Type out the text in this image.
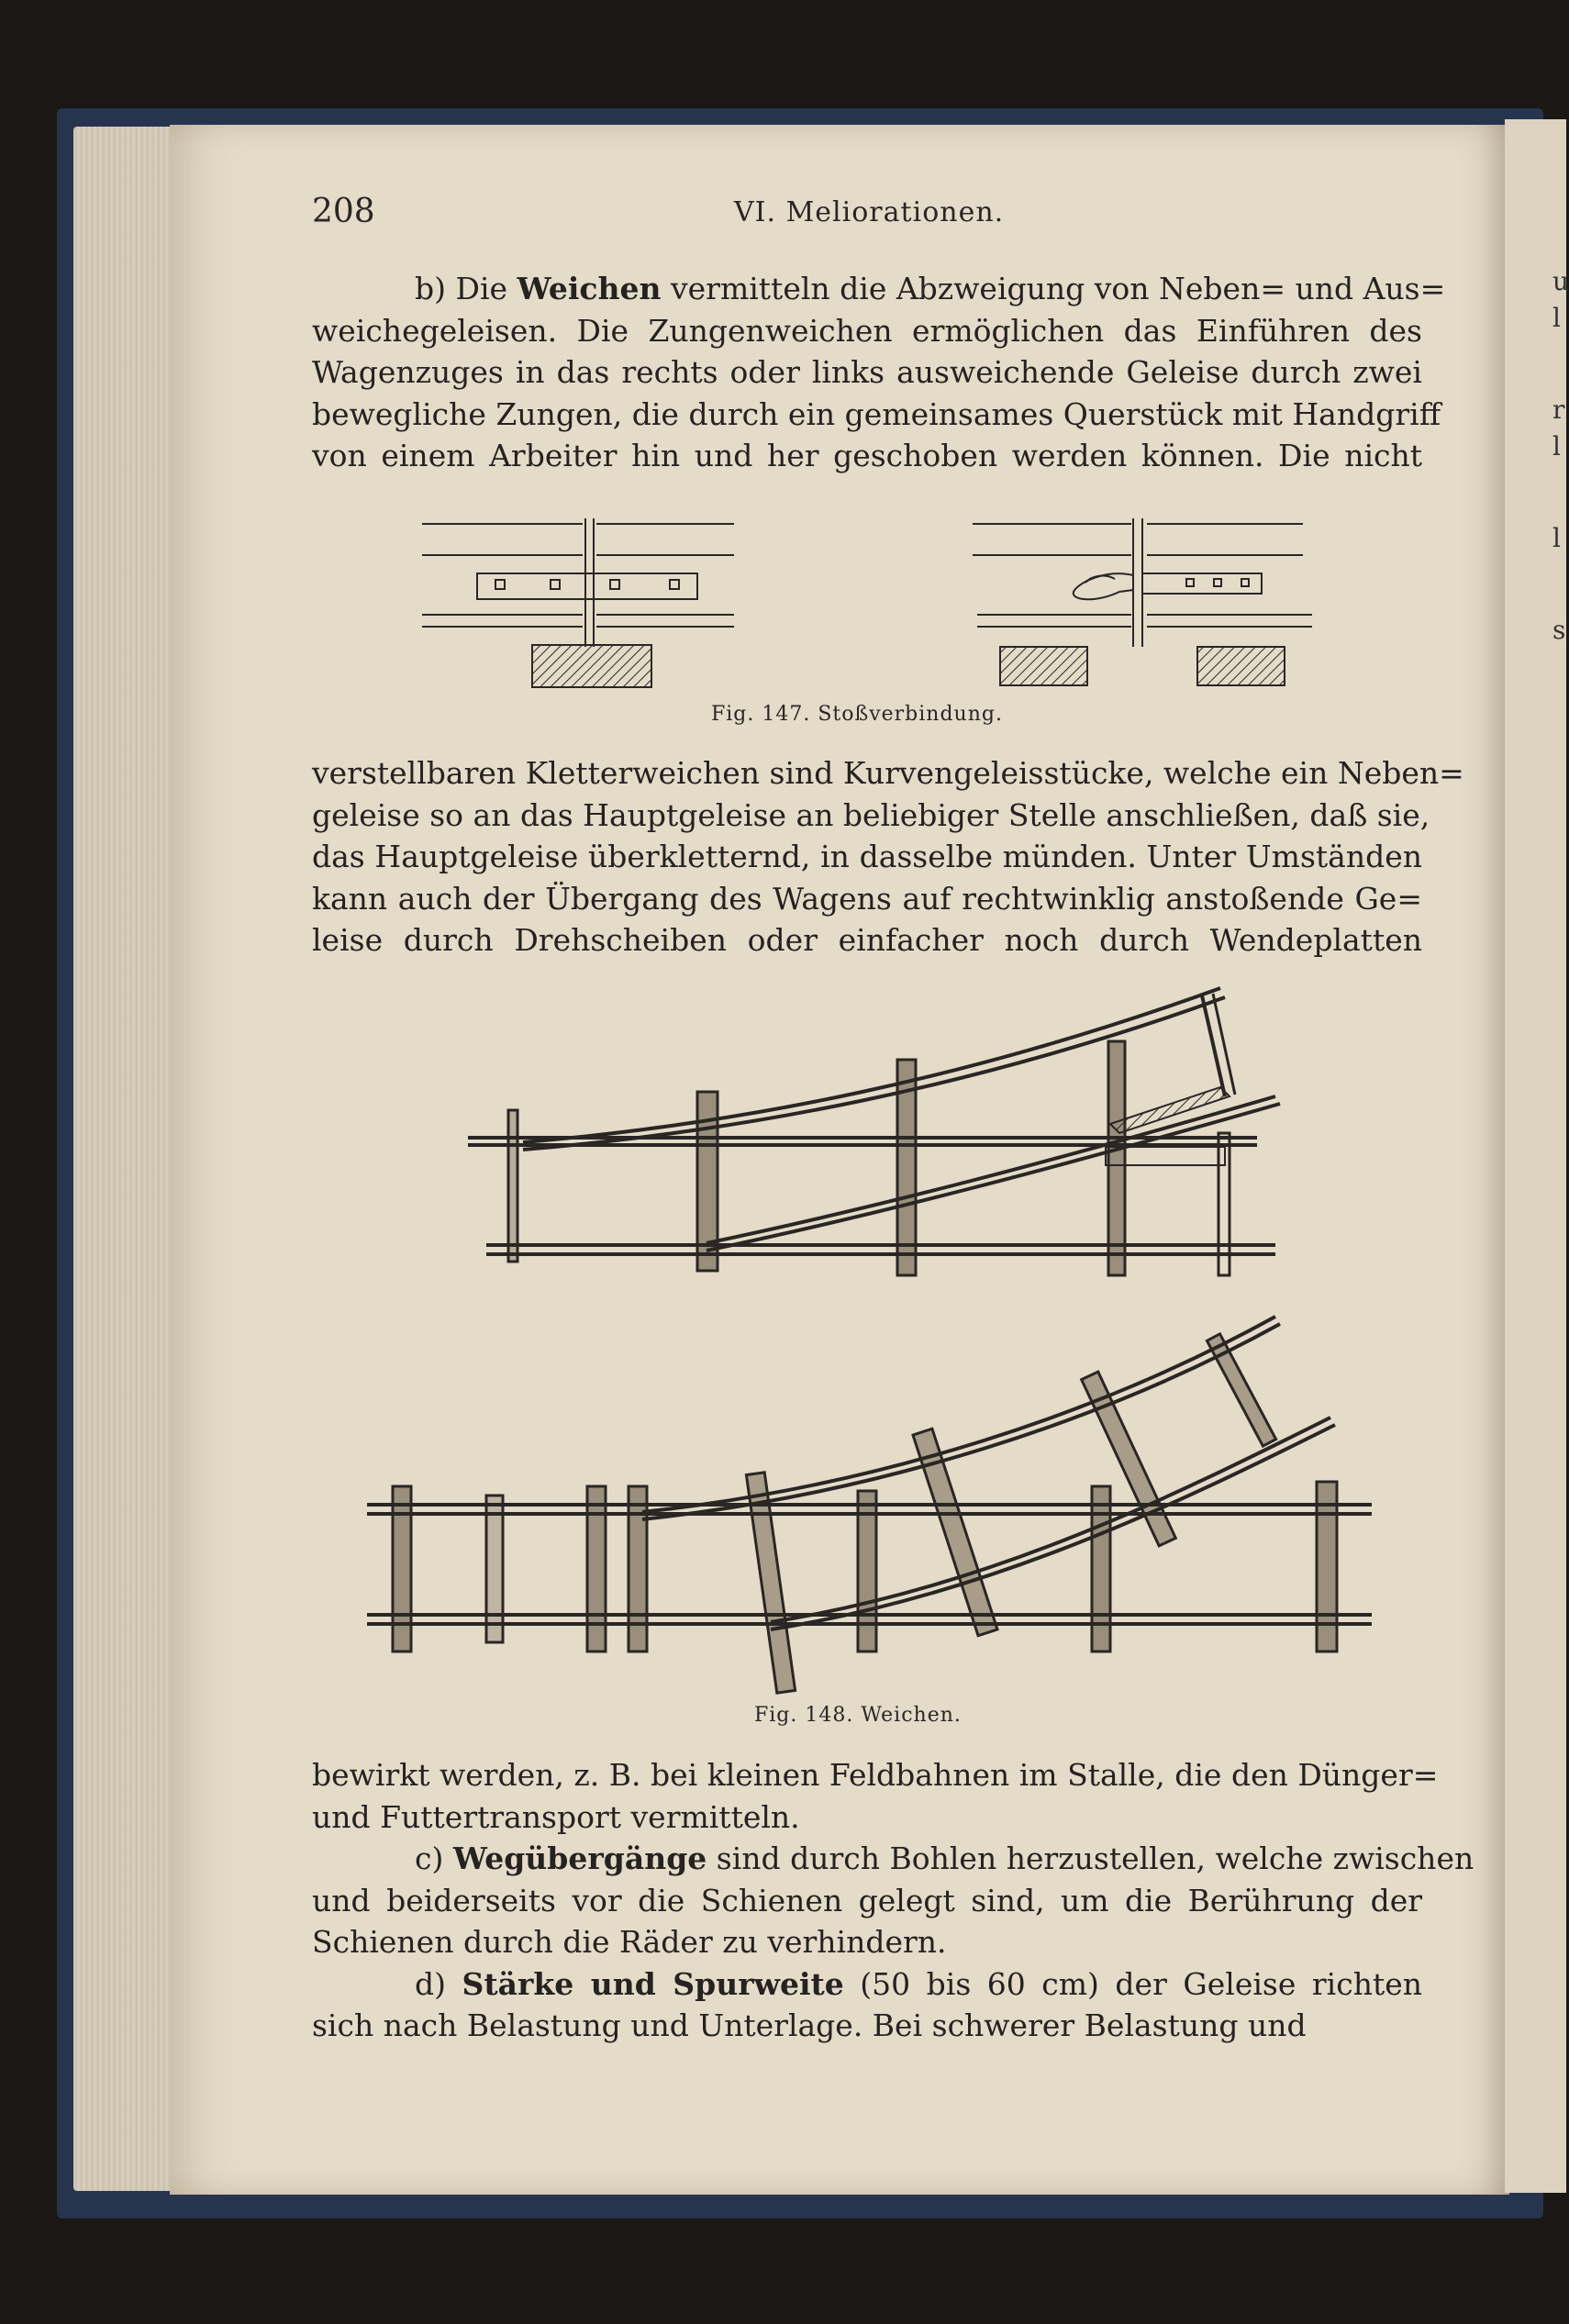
u
l
r
l
l
s
208	VI. Meliorationen.
b) Die Weichen vermitteln die Abzweigung von Neben= und Aus=
weichegeleisen. Die Zungenweichen ermöglichen das Einführen des
Wagenzuges in das rechts oder links ausweichende Geleise durch zwei
bewegliche Zungen, die durch ein gemeinsames Querstück mit Handgriff
von einem Arbeiter hin und her geschoben werden können. Die nicht
Fig. 147. Stoßverbindung.
verstellbaren Kletterweichen sind Kurvengeleisstücke, welche ein Neben=
geleise so an das Hauptgeleise an beliebiger Stelle anschließen, daß sie,
das Hauptgeleise überkletternd, in dasselbe münden. Unter Umständen
kann auch der Übergang des Wagens auf rechtwinklig anstoßende Ge=
leise durch Drehscheiben oder einfacher noch durch Wendeplatten
Fig. 148. Weichen.
bewirkt werden, z. B. bei kleinen Feldbahnen im Stalle, die den Dünger=
und Futtertransport vermitteln.
c) Wegübergänge sind durch Bohlen herzustellen, welche zwischen
und beiderseits vor die Schienen gelegt sind, um die Berührung der
Schienen durch die Räder zu verhindern.
d) Stärke und Spurweite (50 bis 60 cm) der Geleise richten
sich nach Belastung und Unterlage. Bei schwerer Belastung und
